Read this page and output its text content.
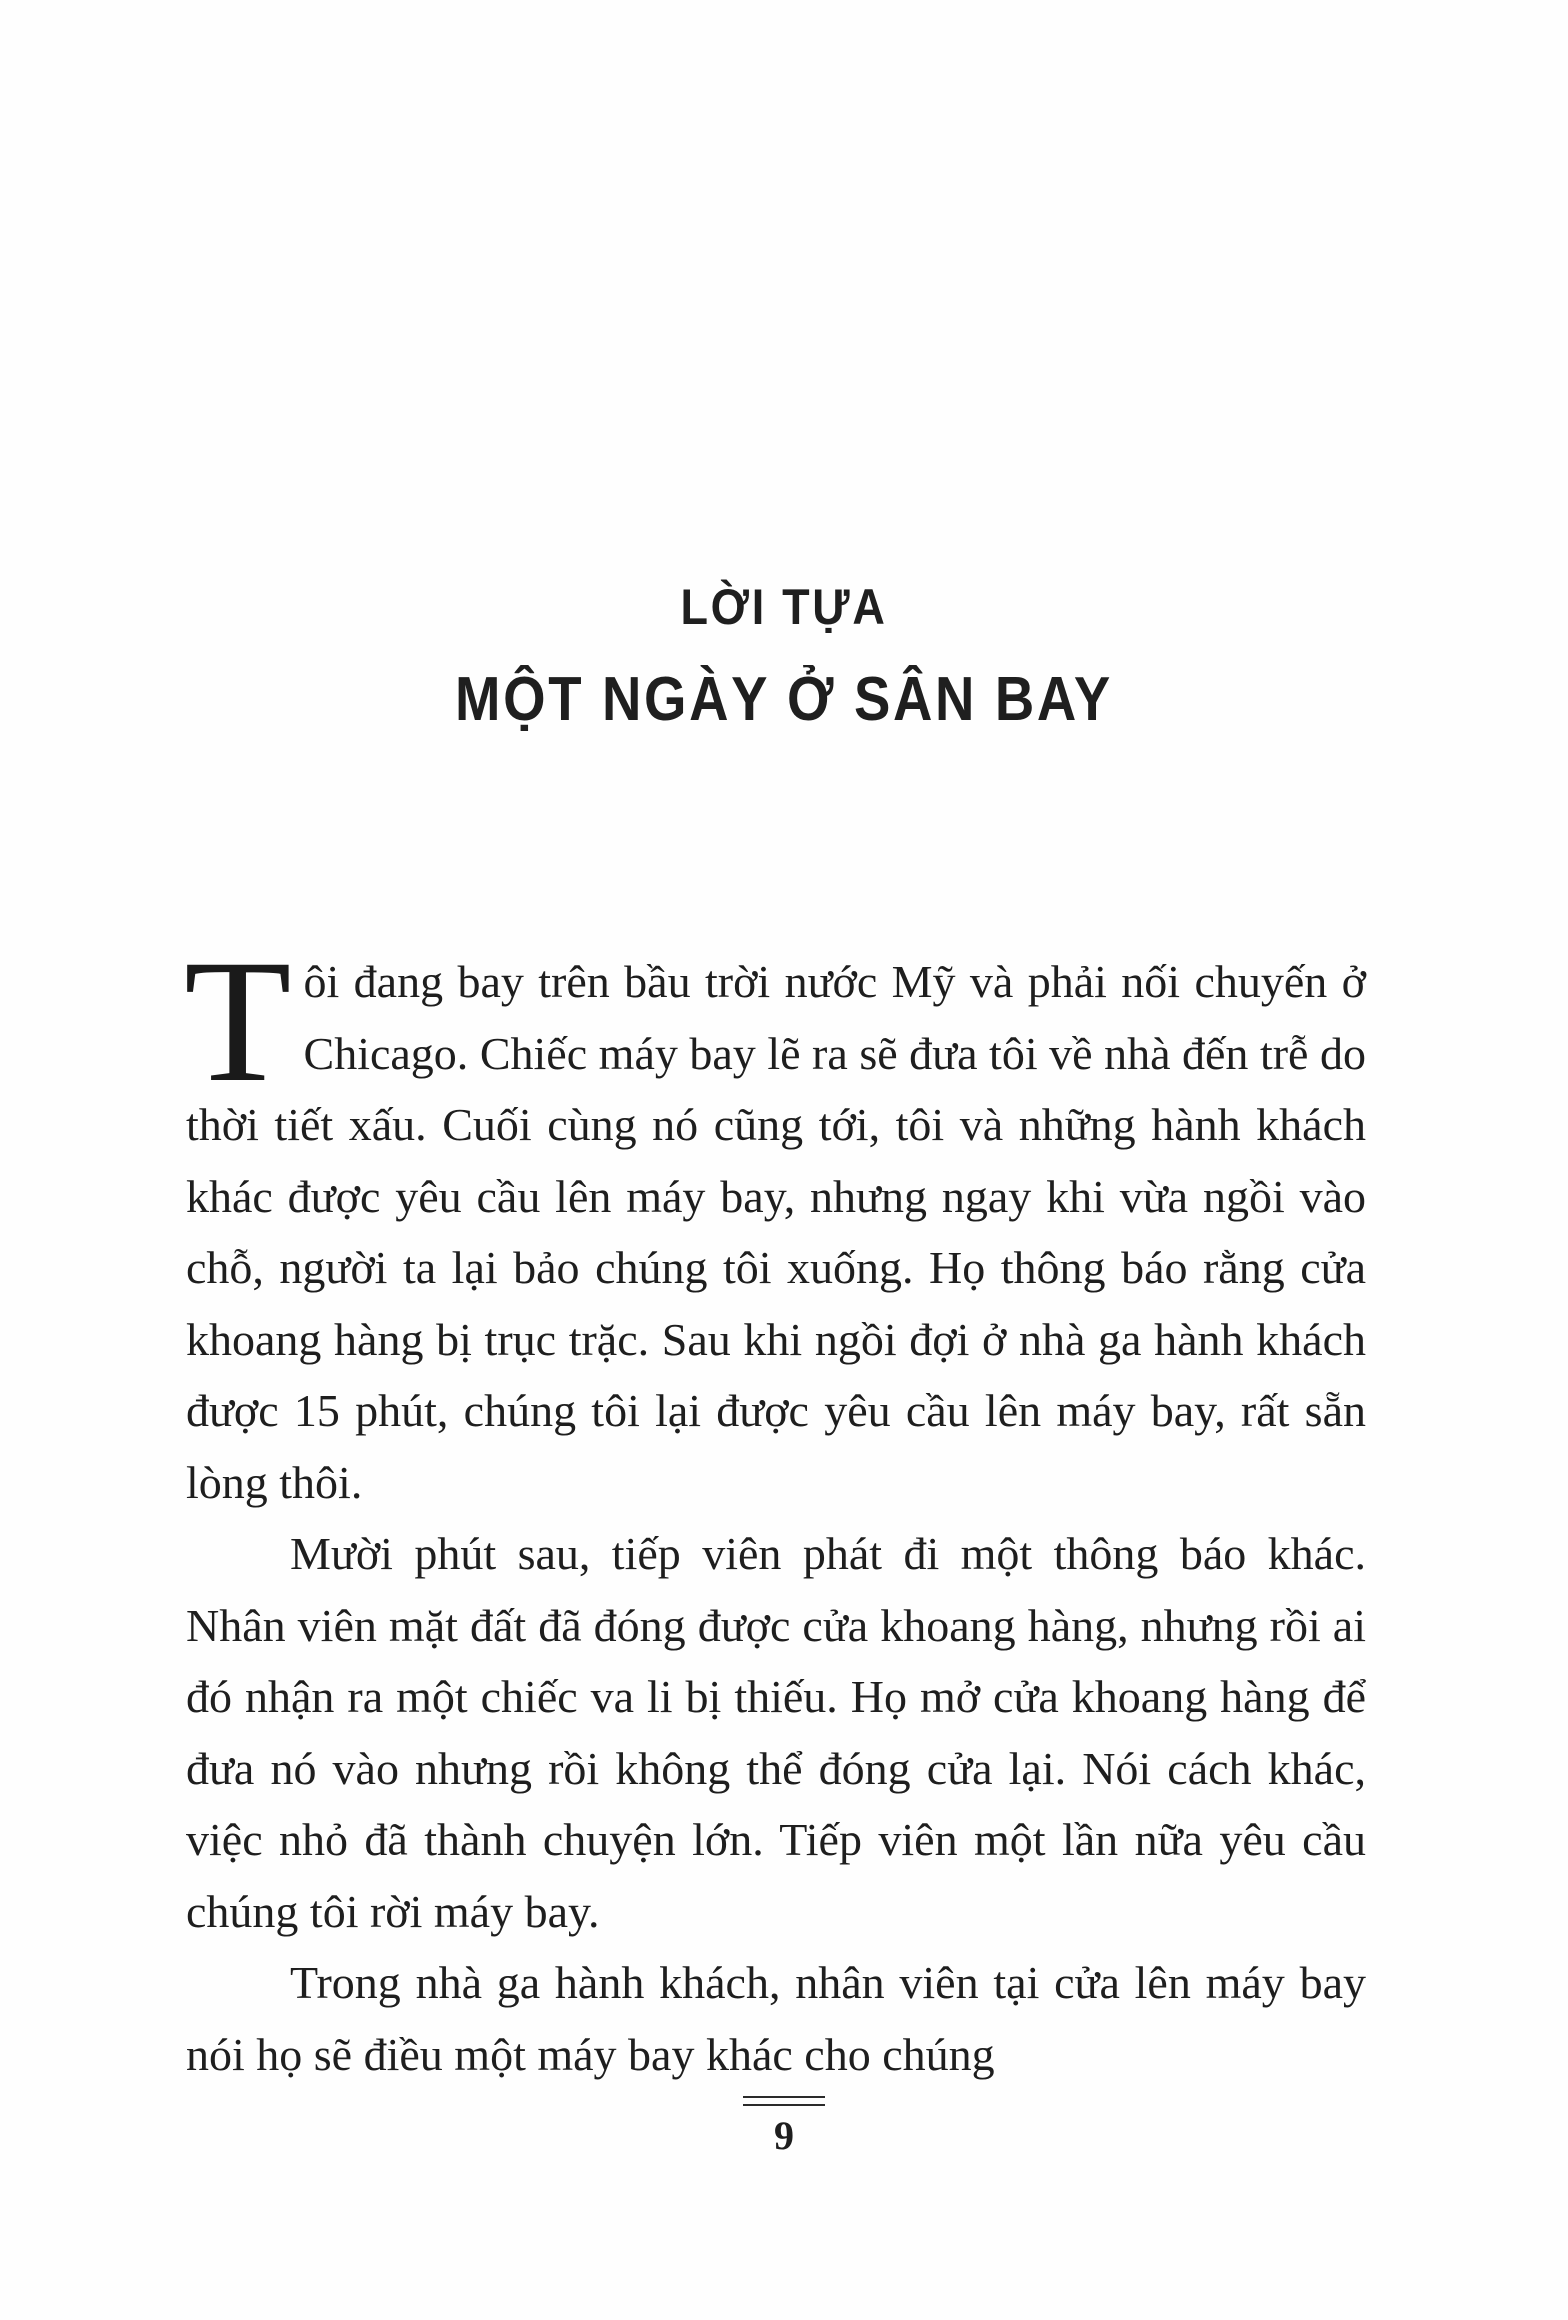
LỜI TỰA
MỘT NGÀY Ở SÂN BAY

Tôi đang bay trên bầu trời nước Mỹ và phải nối chuyến ở Chicago. Chiếc máy bay lẽ ra sẽ đưa tôi về nhà đến trễ do thời tiết xấu. Cuối cùng nó cũng tới, tôi và những hành khách khác được yêu cầu lên máy bay, nhưng ngay khi vừa ngồi vào chỗ, người ta lại bảo chúng tôi xuống. Họ thông báo rằng cửa khoang hàng bị trục trặc. Sau khi ngồi đợi ở nhà ga hành khách được 15 phút, chúng tôi lại được yêu cầu lên máy bay, rất sẵn lòng thôi.

Mười phút sau, tiếp viên phát đi một thông báo khác. Nhân viên mặt đất đã đóng được cửa khoang hàng, nhưng rồi ai đó nhận ra một chiếc va li bị thiếu. Họ mở cửa khoang hàng để đưa nó vào nhưng rồi không thể đóng cửa lại. Nói cách khác, việc nhỏ đã thành chuyện lớn. Tiếp viên một lần nữa yêu cầu chúng tôi rời máy bay.

Trong nhà ga hành khách, nhân viên tại cửa lên máy bay nói họ sẽ điều một máy bay khác cho chúng

9
